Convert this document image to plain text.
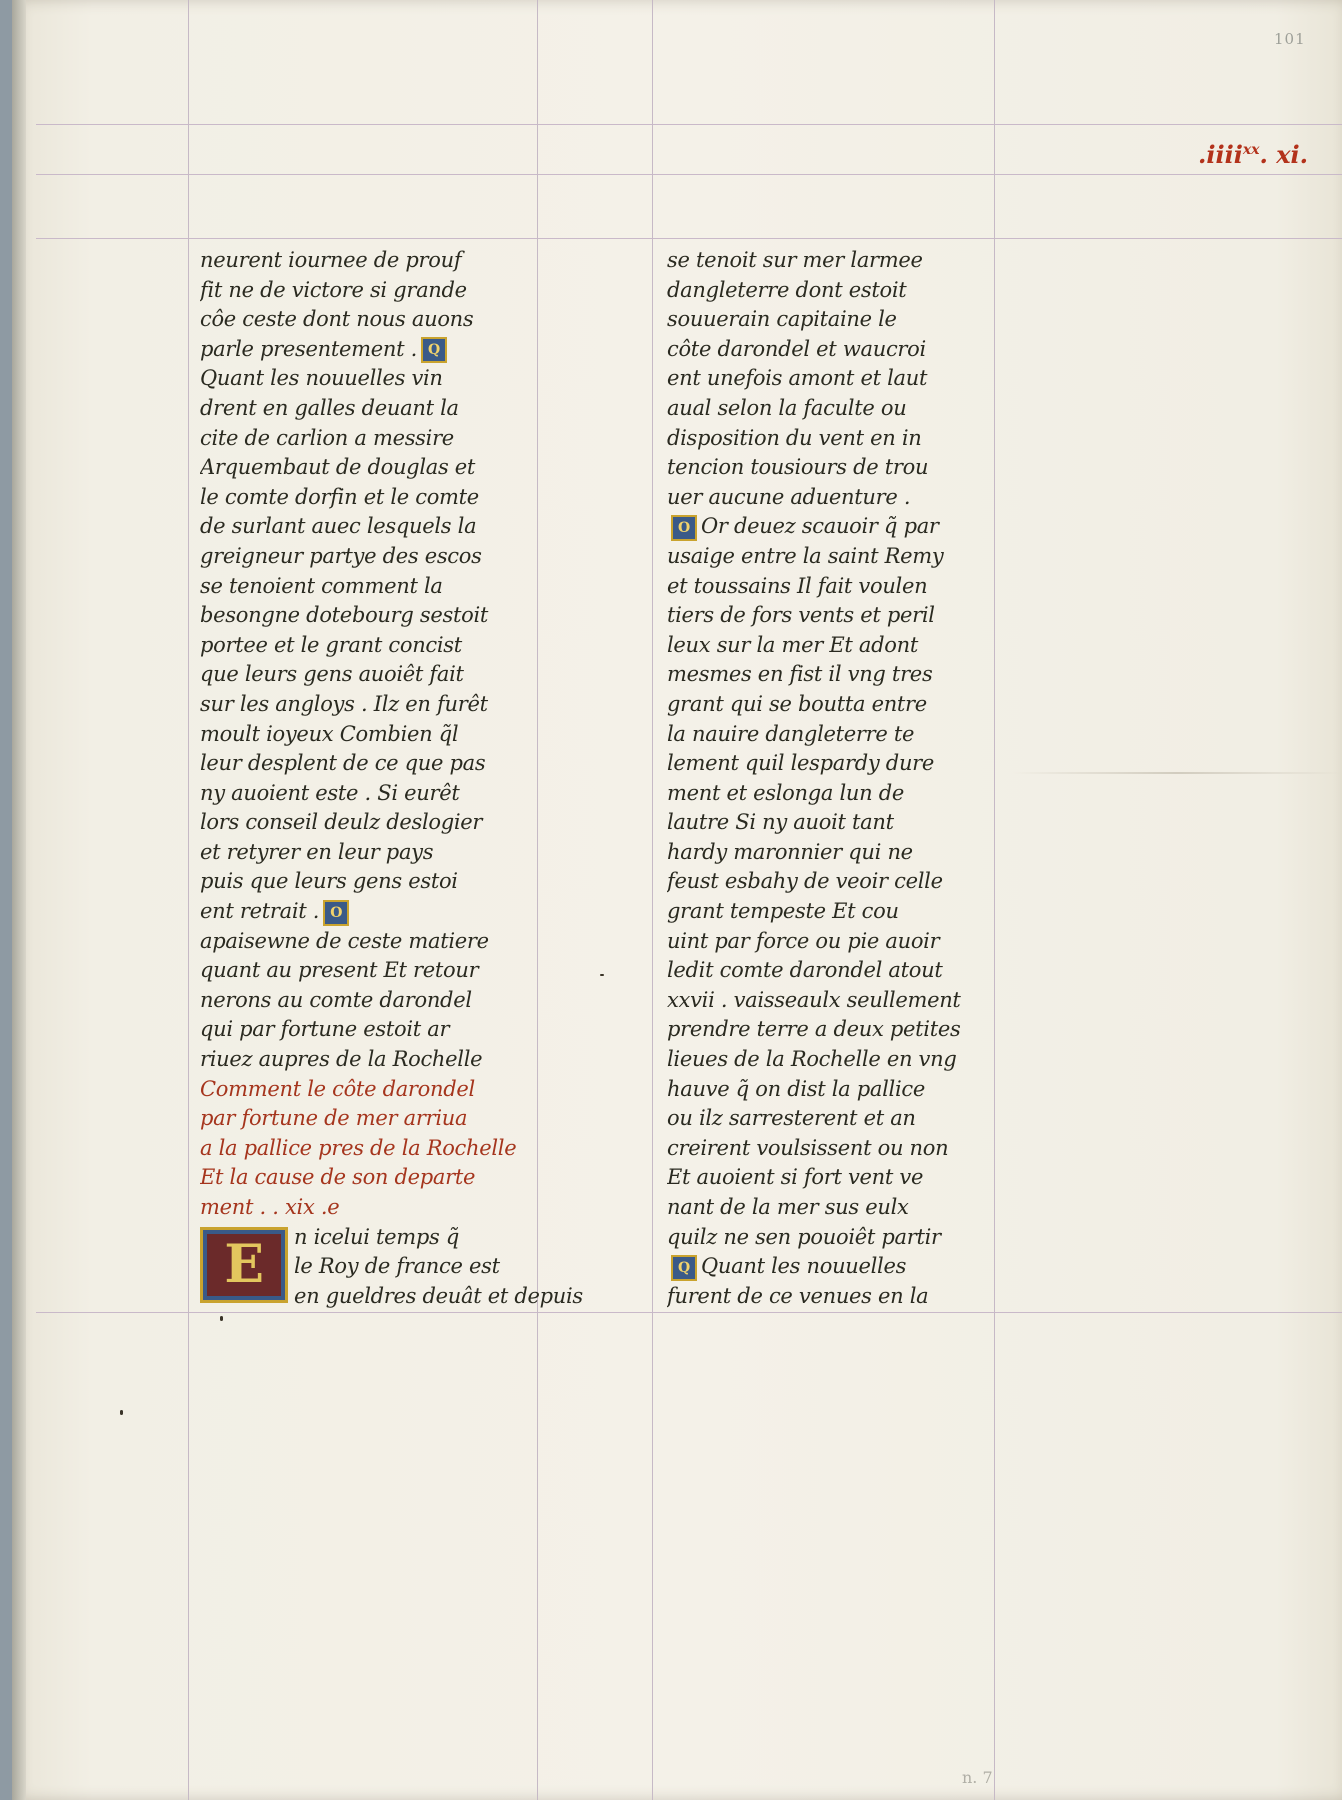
101
.iiii$^{xx}$. xi.
n. 7
neurent iournee de prouf
fit ne de victore si grande
côe ceste dont nous auons
parle presentement . Q
Quant les nouuelles vin
drent en galles deuant la
cite de carlion a messire
Arquembaut de douglas et
le comte dorfin et le comte
de surlant auec lesquels la
greigneur partye des escos
se tenoient comment la
besongne dotebourg sestoit
portee et le grant concist
que leurs gens auoiêt fait
sur les angloys . Ilz en furêt
moult ioyeux Combien q̃l
leur desplent de ce que pas
ny auoient este . Si eurêt
lors conseil deulz deslogier
et retyrer en leur pays
puis que leurs gens estoi
ent retrait . O
apaisewne de ceste matiere
quant au present Et retour
nerons au comte darondel
qui par fortune estoit ar
riuez aupres de la Rochelle
Comment le côte darondel
par fortune de mer arriua
a la pallice pres de la Rochelle
Et la cause de son departe
ment . . xix .e
E	n icelui temps q̃
le Roy de france est
en gueldres deuât et depuis
se tenoit sur mer larmee
dangleterre dont estoit
souuerain capitaine le
côte darondel et waucroi
ent unefois amont et laut
aual selon la faculte ou
disposition du vent en in
tencion tousiours de trou
uer aucune aduenture .
O Or deuez scauoir q̃ par
usaige entre la saint Remy
et toussains Il fait voulen
tiers de fors vents et peril
leux sur la mer Et adont
mesmes en fist il vng tres
grant qui se boutta entre
la nauire dangleterre te
lement quil lespardy dure
ment et eslonga lun de
lautre Si ny auoit tant
hardy maronnier qui ne
feust esbahy de veoir celle
grant tempeste Et cou
uint par force ou pie auoir
ledit comte darondel atout
xxvii . vaisseaulx seullement
prendre terre a deux petites
lieues de la Rochelle en vng
hauve q̃ on dist la pallice
ou ilz sarresterent et an
creirent voulsissent ou non
Et auoient si fort vent ve
nant de la mer sus eulx
quilz ne sen pouoiêt partir
Q Quant les nouuelles
furent de ce venues en la
